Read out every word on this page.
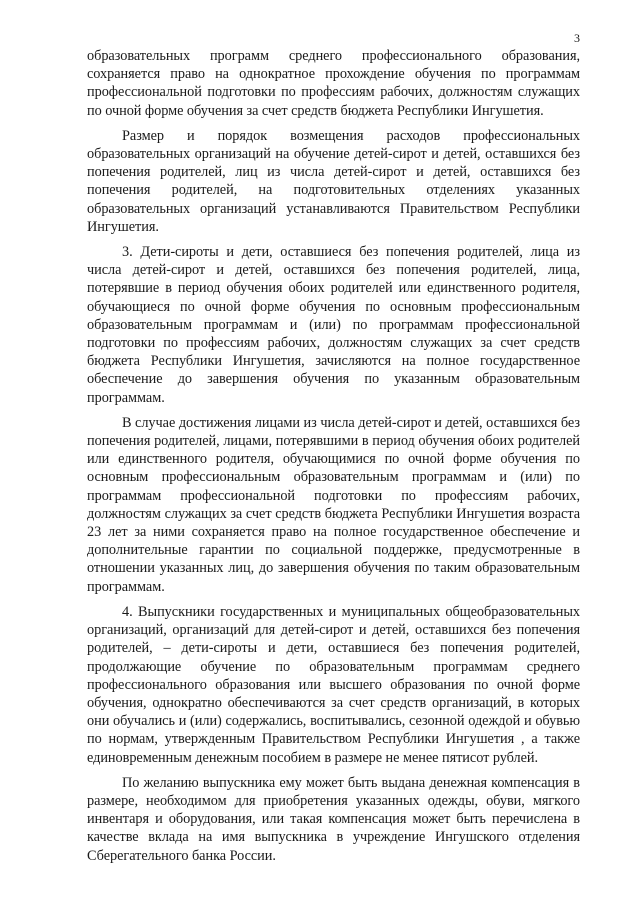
3

образовательных программ среднего профессионального образования, сохраняется право на однократное прохождение обучения по программам профессиональной подготовки по профессиям рабочих, должностям служащих по очной форме обучения за счет средств бюджета Республики Ингушетия.

Размер и порядок возмещения расходов профессиональных образовательных организаций на обучение детей-сирот и детей, оставшихся без попечения родителей, лиц из числа детей-сирот и детей, оставшихся без попечения родителей, на подготовительных отделениях указанных образовательных организаций устанавливаются Правительством Республики Ингушетия.

3. Дети-сироты и дети, оставшиеся без попечения родителей, лица из числа детей-сирот и детей, оставшихся без попечения родителей, лица, потерявшие в период обучения обоих родителей или единственного родителя, обучающиеся по очной форме обучения по основным профессиональным образовательным программам и (или) по программам профессиональной подготовки по профессиям рабочих, должностям служащих за счет средств бюджета Республики Ингушетия, зачисляются на полное государственное обеспечение до завершения обучения по указанным образовательным программам.

В случае достижения лицами из числа детей-сирот и детей, оставшихся без попечения родителей, лицами, потерявшими в период обучения обоих родителей или единственного родителя, обучающимися по очной форме обучения по основным профессиональным образовательным программам и (или) по программам профессиональной подготовки по профессиям рабочих, должностям служащих за счет средств бюджета Республики Ингушетия возраста 23 лет за ними сохраняется право на полное государственное обеспечение и дополнительные гарантии по социальной поддержке, предусмотренные в отношении указанных лиц, до завершения обучения по таким образовательным программам.

4. Выпускники государственных и муниципальных общеобразовательных организаций, организаций для детей-сирот и детей, оставшихся без попечения родителей, – дети-сироты и дети, оставшиеся без попечения родителей, продолжающие обучение по образовательным программам среднего профессионального образования или высшего образования по очной форме обучения, однократно обеспечиваются за счет средств организаций, в которых они обучались и (или) содержались, воспитывались, сезонной одеждой и обувью по нормам, утвержденным Правительством Республики Ингушетия , а также единовременным денежным пособием в размере не менее пятисот рублей.

По желанию выпускника ему может быть выдана денежная компенсация в размере, необходимом для приобретения указанных одежды, обуви, мягкого инвентаря и оборудования, или такая компенсация может быть перечислена в качестве вклада на имя выпускника в учреждение Ингушского отделения Сберегательного банка России.
